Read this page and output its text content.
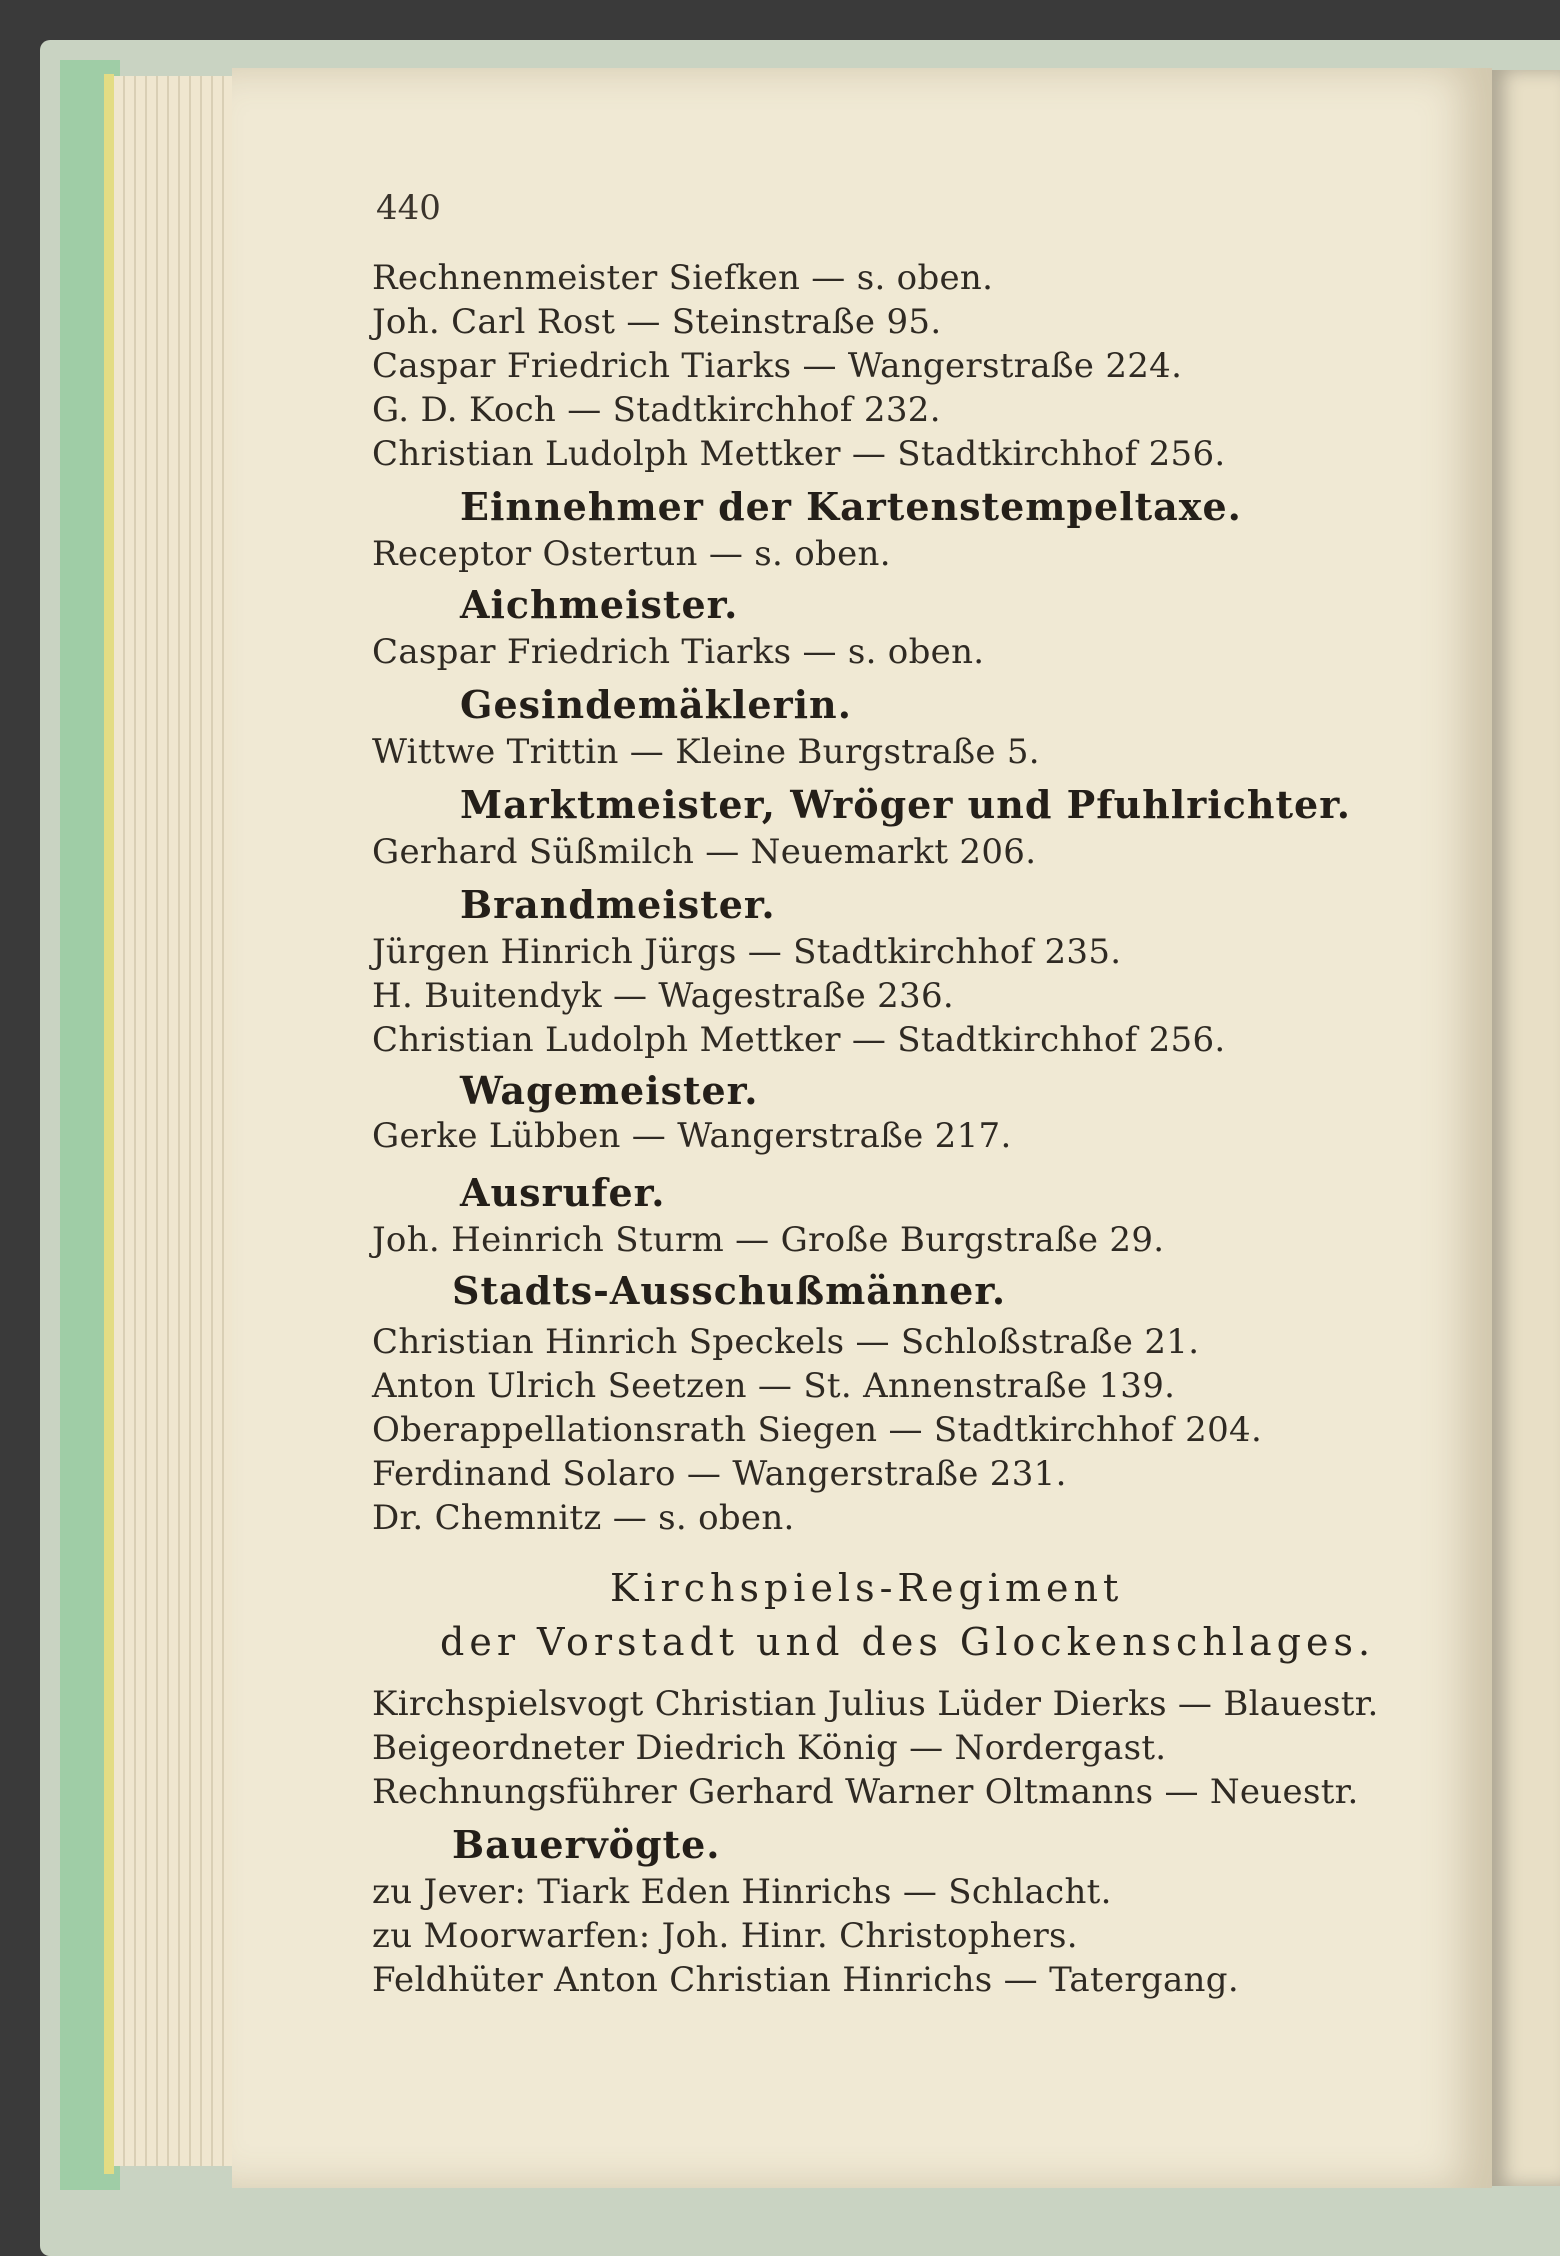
440
Rechnenmeister Siefken — s. oben.
Joh. Carl Rost — Steinstraße 95.
Caspar Friedrich Tiarks — Wangerstraße 224.
G. D. Koch — Stadtkirchhof 232.
Christian Ludolph Mettker — Stadtkirchhof 256.
Einnehmer der Kartenstempeltaxe.
Receptor Ostertun — s. oben.
Aichmeister.
Caspar Friedrich Tiarks — s. oben.
Gesindemäklerin.
Wittwe Trittin — Kleine Burgstraße 5.
Marktmeister, Wröger und Pfuhlrichter.
Gerhard Süßmilch — Neuemarkt 206.
Brandmeister.
Jürgen Hinrich Jürgs — Stadtkirchhof 235.
H. Buitendyk — Wagestraße 236.
Christian Ludolph Mettker — Stadtkirchhof 256.
Wagemeister.
Gerke Lübben — Wangerstraße 217.
Ausrufer.
Joh. Heinrich Sturm — Große Burgstraße 29.
Stadts-Ausschußmänner.
Christian Hinrich Speckels — Schloßstraße 21.
Anton Ulrich Seetzen — St. Annenstraße 139.
Oberappellationsrath Siegen — Stadtkirchhof 204.
Ferdinand Solaro — Wangerstraße 231.
Dr. Chemnitz — s. oben.
Kirchspiels-Regiment
der Vorstadt und des Glockenschlages.
Kirchspielsvogt Christian Julius Lüder Dierks — Blauestr.
Beigeordneter Diedrich König — Nordergast.
Rechnungsführer Gerhard Warner Oltmanns — Neuestr.
Bauervögte.
zu Jever: Tiark Eden Hinrichs — Schlacht.
zu Moorwarfen: Joh. Hinr. Christophers.
Feldhüter Anton Christian Hinrichs — Tatergang.
